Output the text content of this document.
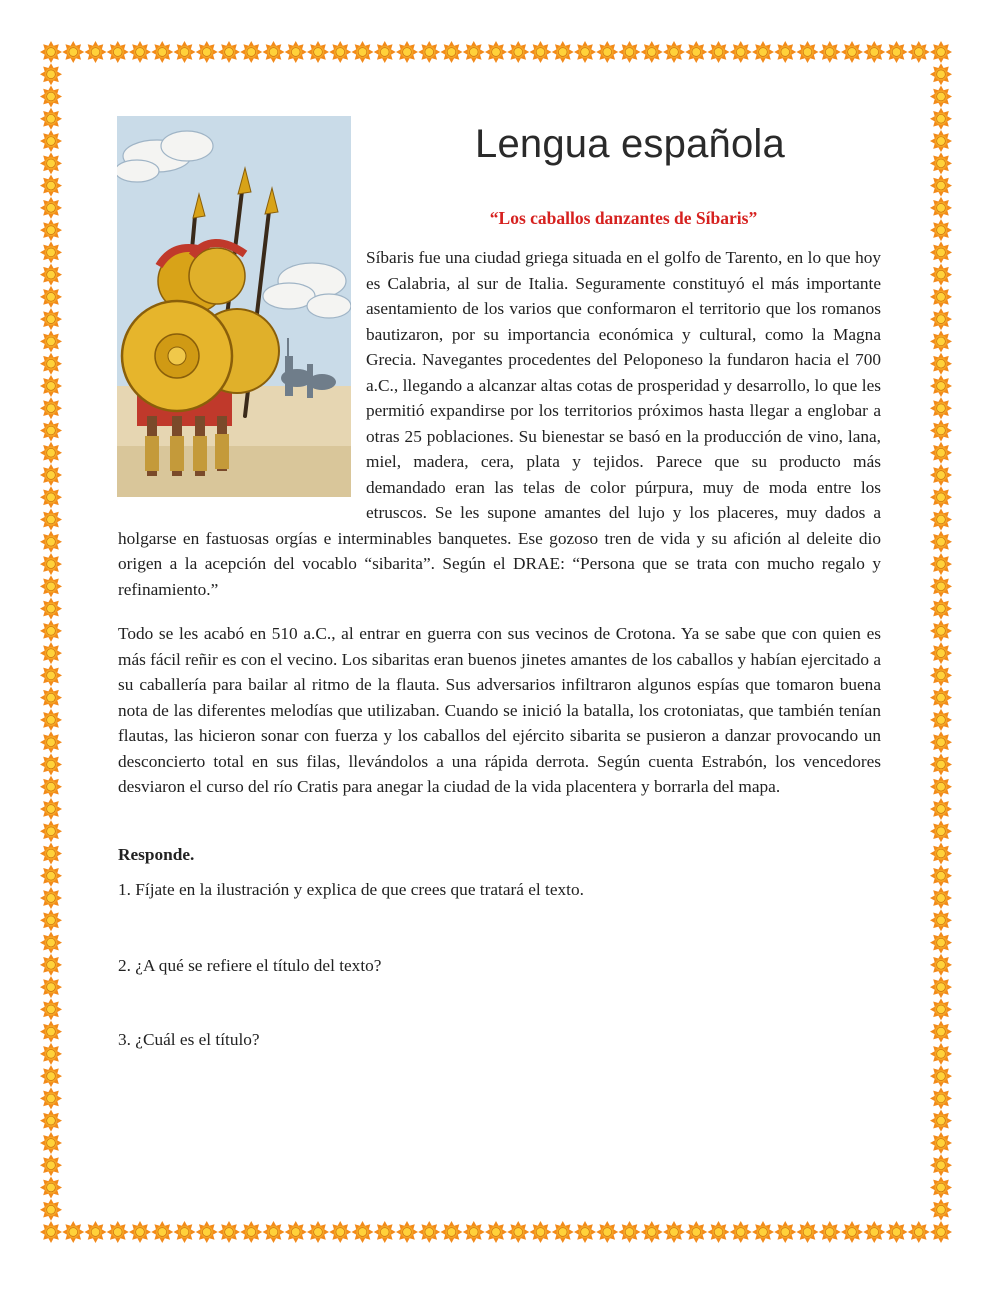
Lengua española

“Los caballos danzantes de Síbaris”

Síbaris fue una ciudad griega situada en el golfo de Tarento, en lo que hoy es Calabria, al sur de Italia. Seguramente constituyó el más importante asentamiento de los varios que conformaron el territorio que los romanos bautizaron, por su importancia económica y cultural, como la Magna Grecia. Navegantes procedentes del Peloponeso la fundaron hacia el 700 a.C., llegando a alcanzar altas cotas de prosperidad y desarrollo, lo que les permitió expandirse por los territorios próximos hasta llegar a englobar a otras 25 poblaciones. Su bienestar se basó en la producción de vino, lana, miel, madera, cera, plata y tejidos. Parece que su producto más demandado eran las telas de color púrpura, muy de moda entre los etruscos. Se les supone amantes del lujo y los placeres, muy dados a holgarse en fastuosas orgías e interminables banquetes. Ese gozoso tren de vida y su afición al deleite dio origen a la acepción del vocablo “sibarita”. Según el DRAE: “Persona que se trata con mucho regalo y refinamiento.”

Todo se les acabó en 510 a.C., al entrar en guerra con sus vecinos de Crotona. Ya se sabe que con quien es más fácil reñir es con el vecino. Los sibaritas eran buenos jinetes amantes de los caballos y habían ejercitado a su caballería para bailar al ritmo de la flauta. Sus adversarios infiltraron algunos espías que tomaron buena nota de las diferentes melodías que utilizaban. Cuando se inició la batalla, los crotoniatas, que también tenían flautas, las hicieron sonar con fuerza y los caballos del ejército sibarita se pusieron a danzar provocando un desconcierto total en sus filas, llevándolos a una rápida derrota. Según cuenta Estrabón, los vencedores desviaron el curso del río Cratis para anegar la ciudad de la vida placentera y borrarla del mapa.

Responde.

1. Fíjate en la ilustración y explica de que crees que tratará el texto.

2. ¿A qué se refiere el título del texto?

3. ¿Cuál es el título?
